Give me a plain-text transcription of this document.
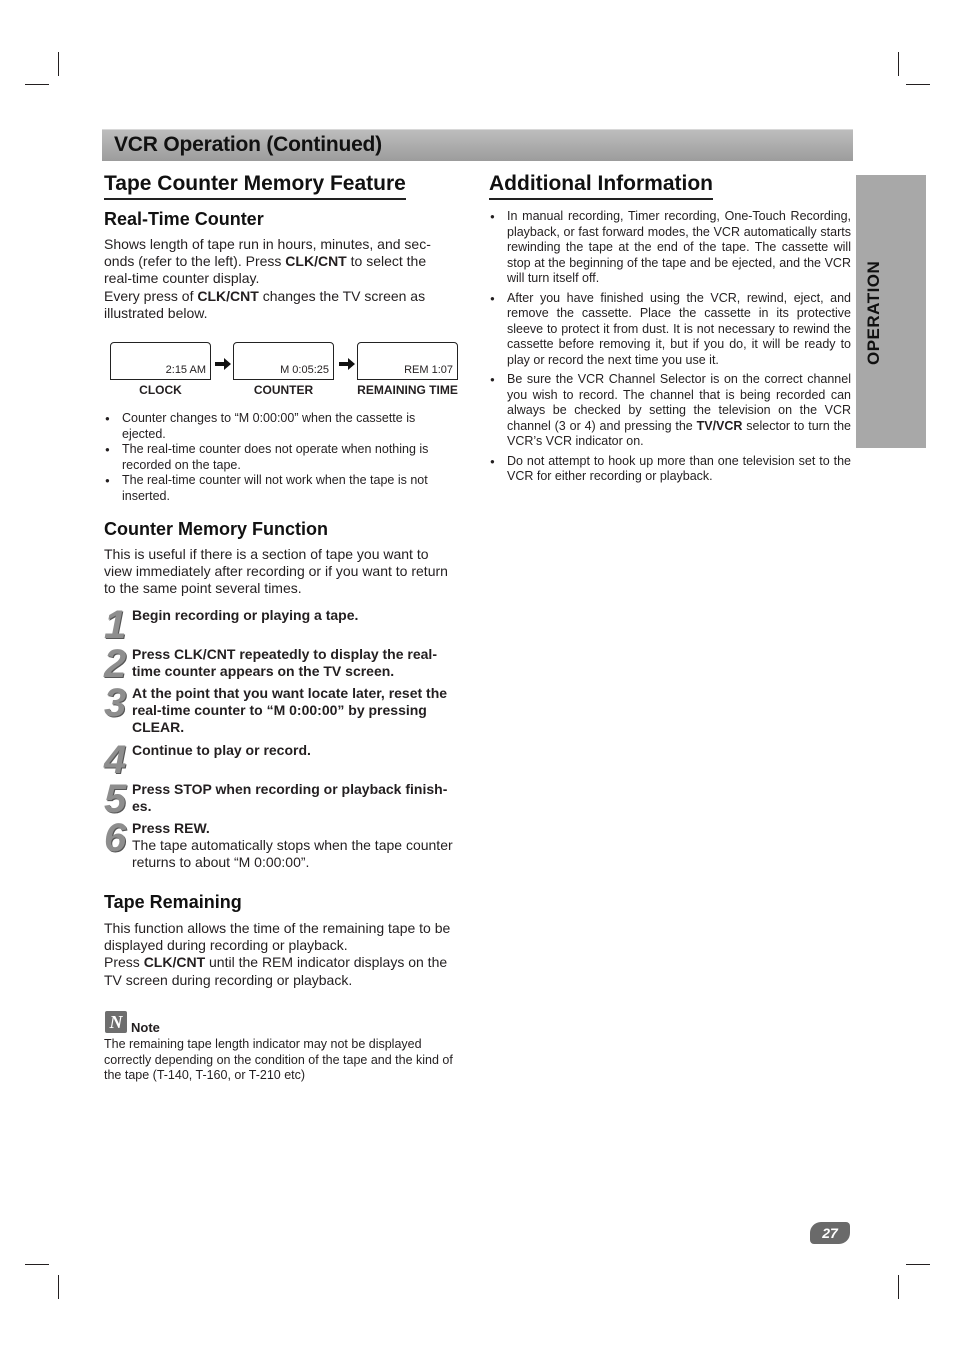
VCR Operation (Continued)
OPERATION
Tape Counter Memory Feature
Real-Time Counter
Shows length of tape run in hours, minutes, and sec-
onds (refer to the left). Press CLK/CNT to select the
real-time counter display.
Every press of CLK/CNT changes the TV screen as
illustrated below.
2:15 AM	M 0:05:25	REM 1:07
CLOCK	COUNTER	REMAINING TIME
● Counter changes to “M 0:00:00” when the cassette is
ejected.
● The real-time counter does not operate when nothing is
recorded on the tape.
● The real-time counter will not work when the tape is not
inserted.
Counter Memory Function
This is useful if there is a section of tape you want to
view immediately after recording or if you want to return
to the same point several times.
1 Begin recording or playing a tape.
2 Press CLK/CNT repeatedly to display the real-
time counter appears on the TV screen.
3 At the point that you want locate later, reset the
real-time counter to “M 0:00:00” by pressing
CLEAR.
4 Continue to play or record.
5 Press STOP when recording or playback finish-
es.
6 Press REW.
The tape automatically stops when the tape counter
returns to about “M 0:00:00”.
Tape Remaining
This function allows the time of the remaining tape to be
displayed during recording or playback.
Press CLK/CNT until the REM indicator displays on the
TV screen during recording or playback.
N Note
The remaining tape length indicator may not be displayed
correctly depending on the condition of the tape and the kind of
the tape (T-140, T-160, or T-210 etc)
Additional Information
● In manual recording, Timer recording, One-Touch Recording, playback, or fast forward modes, the VCR automatically starts rewinding the tape at the end of the tape. The cassette will stop at the beginning of the tape and be ejected, and the VCR will turn itself off.
● After you have finished using the VCR, rewind, eject, and remove the cassette. Place the cassette in its protective sleeve to protect it from dust. It is not necessary to rewind the cassette before removing it, but if you do, it will be ready to play or record the next time you use it.
● Be sure the VCR Channel Selector is on the correct channel you wish to record. The channel that is being recorded can always be checked by setting the television on the VCR channel (3 or 4) and pressing the TV/VCR selector to turn the VCR’s VCR indicator on.
● Do not attempt to hook up more than one television set to the VCR for either recording or playback.
27
